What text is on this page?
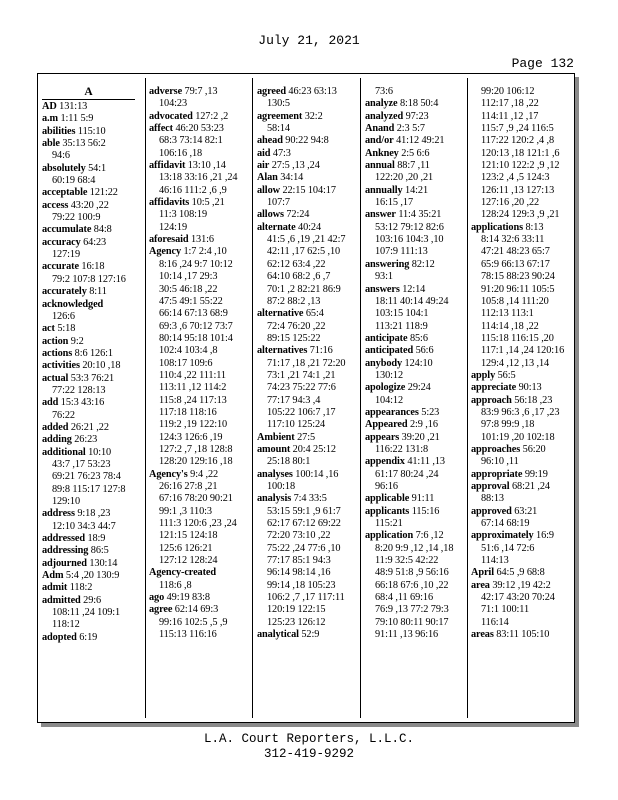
July 21, 2021
Page 132
A
AD 131:13
a.m 1:11 5:9
abilities 115:10
able 35:13 56:2
94:6
absolutely 54:1
60:19 68:4
acceptable 121:22
access 43:20 ,22
79:22 100:9
accumulate 84:8
accuracy 64:23
127:19
accurate 16:18
79:2 107:8 127:16
accurately 8:11
acknowledged
126:6
act 5:18
action 9:2
actions 8:6 126:1
activities 20:10 ,18
actual 53:3 76:21
77:22 128:13
add 15:3 43:16
76:22
added 26:21 ,22
adding 26:23
additional 10:10
43:7 ,17 53:23
69:21 76:23 78:4
89:8 115:17 127:8
129:10
address 9:18 ,23
12:10 34:3 44:7
addressed 18:9
addressing 86:5
adjourned 130:14
Adm 5:4 ,20 130:9
admit 118:2
admitted 29:6
108:11 ,24 109:1
118:12
adopted 6:19
adverse 79:7 ,13
104:23
advocated 127:2 ,2
affect 46:20 53:23
68:3 73:14 82:1
106:16 ,18
affidavit 13:10 ,14
13:18 33:16 ,21 ,24
46:16 111:2 ,6 ,9
affidavits 10:5 ,21
11:3 108:19
124:19
aforesaid 131:6
Agency 1:7 2:4 ,10
8:16 ,24 9:7 10:12
10:14 ,17 29:3
30:5 46:18 ,22
47:5 49:1 55:22
66:14 67:13 68:9
69:3 ,6 70:12 73:7
80:14 95:18 101:4
102:4 103:4 ,8
108:17 109:6
110:4 ,22 111:11
113:11 ,12 114:2
115:8 ,24 117:13
117:18 118:16
119:2 ,19 122:10
124:3 126:6 ,19
127:2 ,7 ,18 128:8
128:20 129:16 ,18
Agency's 9:4 ,22
26:16 27:8 ,21
67:16 78:20 90:21
99:1 ,3 110:3
111:3 120:6 ,23 ,24
121:15 124:18
125:6 126:21
127:12 128:24
Agency-created
118:6 ,8
ago 49:19 83:8
agree 62:14 69:3
99:16 102:5 ,5 ,9
115:13 116:16
agreed 46:23 63:13
130:5
agreement 32:2
58:14
ahead 90:22 94:8
aid 47:3
air 27:5 ,13 ,24
Alan 34:14
allow 22:15 104:17
107:7
allows 72:24
alternate 40:24
41:5 ,6 ,19 ,21 42:7
42:11 ,17 62:5 ,10
62:12 63:4 ,22
64:10 68:2 ,6 ,7
70:1 ,2 82:21 86:9
87:2 88:2 ,13
alternative 65:4
72:4 76:20 ,22
89:15 125:22
alternatives 71:16
71:17 ,18 ,21 72:20
73:1 ,21 74:1 ,21
74:23 75:22 77:6
77:17 94:3 ,4
105:22 106:7 ,17
117:10 125:24
Ambient 27:5
amount 20:4 25:12
25:18 80:1
analyses 100:14 ,16
100:18
analysis 7:4 33:5
53:15 59:1 ,9 61:7
62:17 67:12 69:22
72:20 73:10 ,22
75:22 ,24 77:6 ,10
77:17 85:1 94:3
96:14 98:14 ,16
99:14 ,18 105:23
106:2 ,7 ,17 117:11
120:19 122:15
125:23 126:12
analytical 52:9
73:6
analyze 8:18 50:4
analyzed 97:23
Anand 2:3 5:7
and/or 41:12 49:21
Ankney 2:5 6:6
annual 88:7 ,11
122:20 ,20 ,21
annually 14:21
16:15 ,17
answer 11:4 35:21
53:12 79:12 82:6
103:16 104:3 ,10
107:9 111:13
answering 82:12
93:1
answers 12:14
18:11 40:14 49:24
103:15 104:1
113:21 118:9
anticipate 85:6
anticipated 56:6
anybody 124:10
130:12
apologize 29:24
104:12
appearances 5:23
Appeared 2:9 ,16
appears 39:20 ,21
116:22 131:8
appendix 41:11 ,13
61:17 80:24 ,24
96:16
applicable 91:11
applicants 115:16
115:21
application 7:6 ,12
8:20 9:9 ,12 ,14 ,18
11:9 32:5 42:22
48:9 51:8 ,9 56:16
66:18 67:6 ,10 ,22
68:4 ,11 69:16
76:9 ,13 77:2 79:3
79:10 80:11 90:17
91:11 ,13 96:16
99:20 106:12
112:17 ,18 ,22
114:11 ,12 ,17
115:7 ,9 ,24 116:5
117:22 120:2 ,4 ,8
120:13 ,18 121:1 ,6
121:10 122:2 ,9 ,12
123:2 ,4 ,5 124:3
126:11 ,13 127:13
127:16 ,20 ,22
128:24 129:3 ,9 ,21
applications 8:13
8:14 32:6 33:11
47:21 48:23 65:7
65:9 66:13 67:17
78:15 88:23 90:24
91:20 96:11 105:5
105:8 ,14 111:20
112:13 113:1
114:14 ,18 ,22
115:18 116:15 ,20
117:1 ,14 ,24 120:16
129:4 ,12 ,13 ,14
apply 56:5
appreciate 90:13
approach 56:18 ,23
83:9 96:3 ,6 ,17 ,23
97:8 99:9 ,18
101:19 ,20 102:18
approaches 56:20
96:10 ,11
appropriate 99:19
approval 68:21 ,24
88:13
approved 63:21
67:14 68:19
approximately 16:9
51:6 ,14 72:6
114:13
April 64:5 ,9 68:8
area 39:12 ,19 42:2
42:17 43:20 70:24
71:1 100:11
116:14
areas 83:11 105:10
L.A. Court Reporters, L.L.C.
312-419-9292
